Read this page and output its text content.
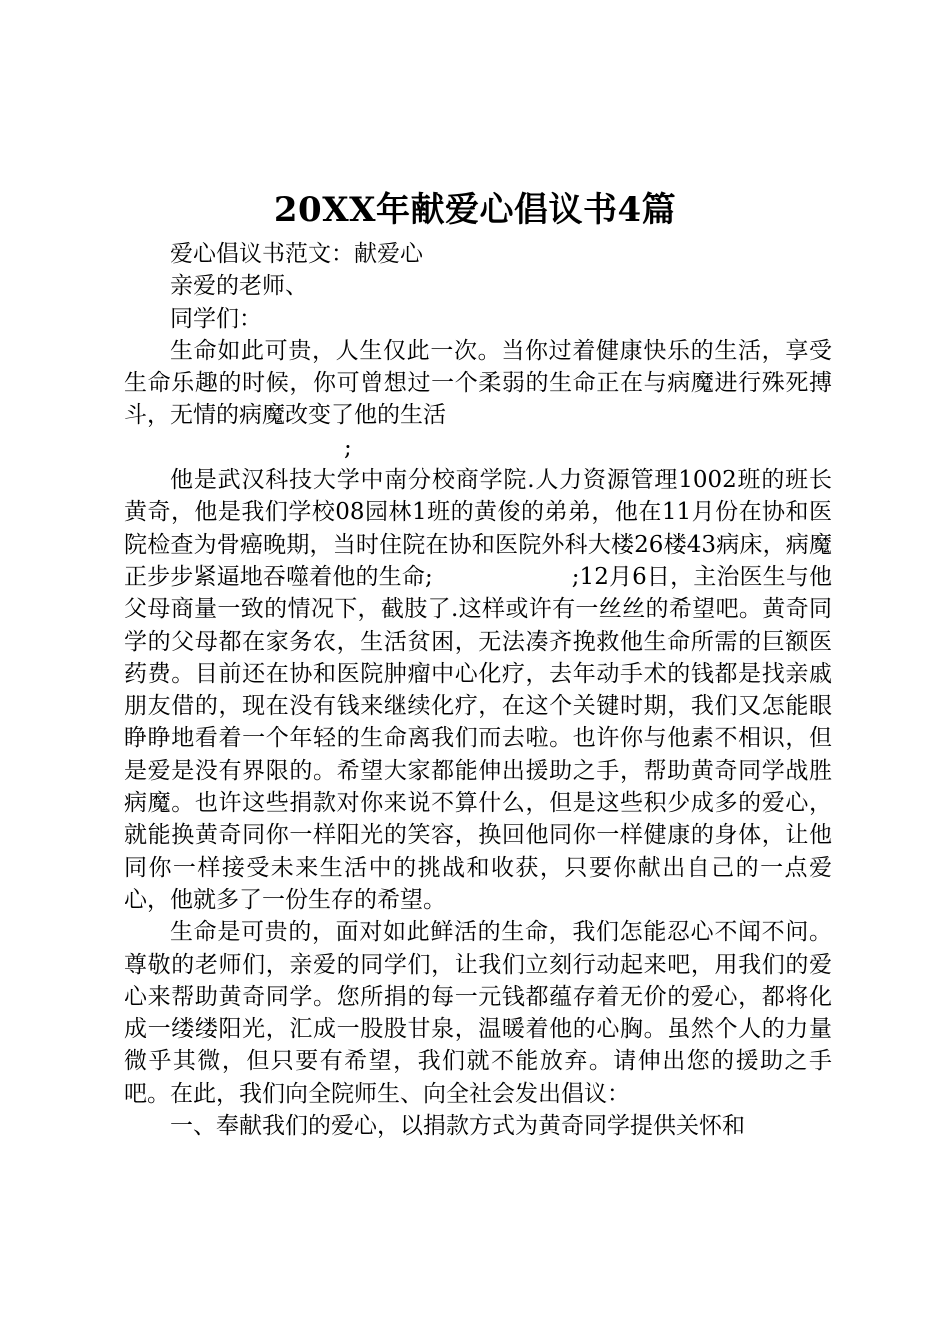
20XX年献爱心倡议书4篇

爱心倡议书范文：献爱心

亲爱的老师、

同学们：

生命如此可贵，人生仅此一次。当你过着健康快乐的生活，享受生命乐趣的时候，你可曾想过一个柔弱的生命正在与病魔进行殊死搏斗，无情的病魔改变了他的生活

;

他是武汉科技大学中南分校商学院.人力资源管理1002班的班长黄奇，他是我们学校08园林1班的黄俊的弟弟，他在11月份在协和医院检查为骨癌晚期，当时住院在协和医院外科大楼26楼43病床，病魔正步步紧逼地吞噬着他的生命;　　　　　　;12月6日，主治医生与他父母商量一致的情况下，截肢了.这样或许有一丝丝的希望吧。黄奇同学的父母都在家务农，生活贫困，无法凑齐挽救他生命所需的巨额医药费。目前还在协和医院肿瘤中心化疗，去年动手术的钱都是找亲戚朋友借的，现在没有钱来继续化疗，在这个关键时期，我们又怎能眼睁睁地看着一个年轻的生命离我们而去啦。也许你与他素不相识，但是爱是没有界限的。希望大家都能伸出援助之手，帮助黄奇同学战胜病魔。也许这些捐款对你来说不算什么，但是这些积少成多的爱心，就能换黄奇同你一样阳光的笑容，换回他同你一样健康的身体，让他同你一样接受未来生活中的挑战和收获，只要你献出自己的一点爱心，他就多了一份生存的希望。

生命是可贵的，面对如此鲜活的生命，我们怎能忍心不闻不问。尊敬的老师们，亲爱的同学们，让我们立刻行动起来吧，用我们的爱心来帮助黄奇同学。您所捐的每一元钱都蕴存着无价的爱心，都将化成一缕缕阳光，汇成一股股甘泉，温暖着他的心胸。虽然个人的力量微乎其微，但只要有希望，我们就不能放弃。请伸出您的援助之手吧。在此，我们向全院师生、向全社会发出倡议：

一、奉献我们的爱心，以捐款方式为黄奇同学提供关怀和
